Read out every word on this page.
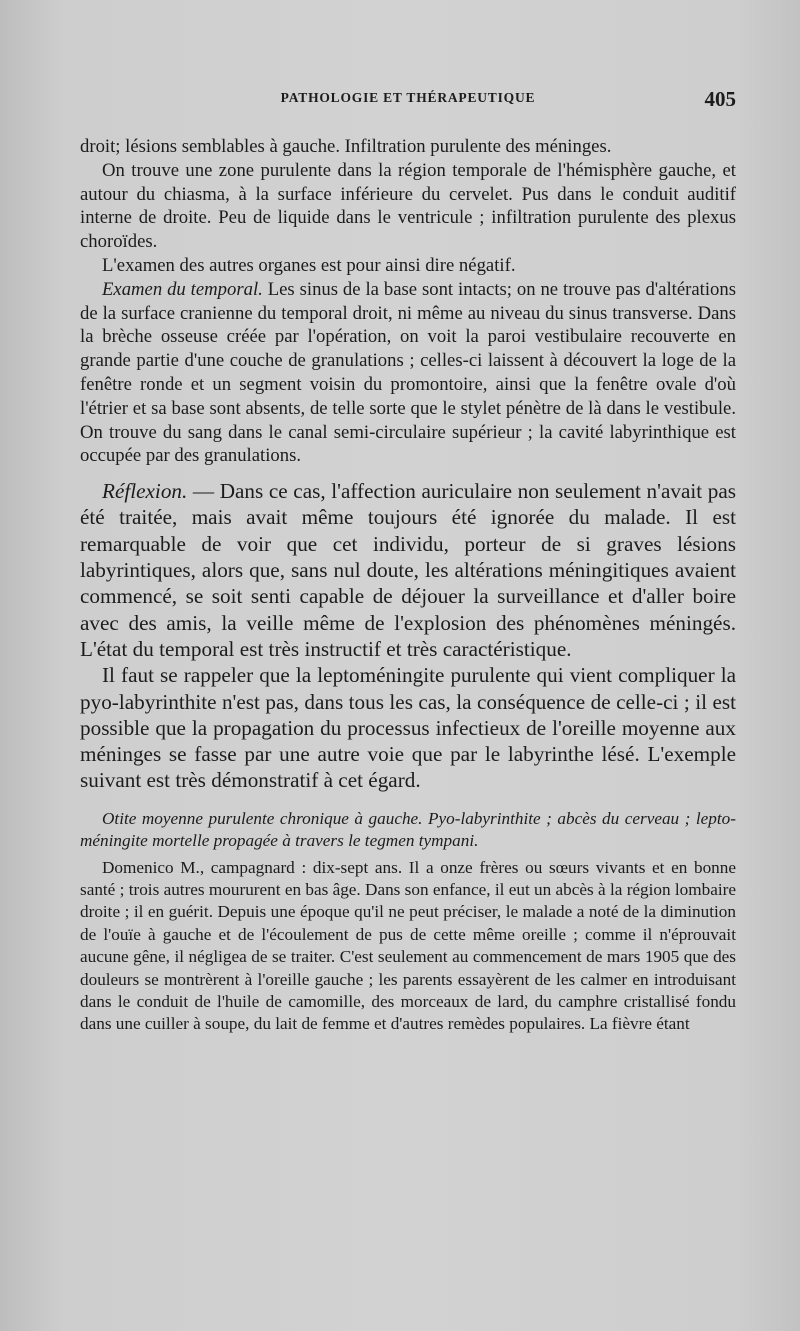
PATHOLOGIE ET THÉRAPEUTIQUE	405

droit; lésions semblables à gauche. Infiltration purulente des méninges.

On trouve une zone purulente dans la région temporale de l'hémisphère gauche, et autour du chiasma, à la surface inférieure du cervelet. Pus dans le conduit auditif interne de droite. Peu de liquide dans le ventricule ; infiltration purulente des plexus choroïdes.

L'examen des autres organes est pour ainsi dire négatif.

Examen du temporal. Les sinus de la base sont intacts; on ne trouve pas d'altérations de la surface cranienne du temporal droit, ni même au niveau du sinus transverse. Dans la brèche osseuse créée par l'opération, on voit la paroi vestibulaire recouverte en grande partie d'une couche de granulations ; celles-ci laissent à découvert la loge de la fenêtre ronde et un segment voisin du promontoire, ainsi que la fenêtre ovale d'où l'étrier et sa base sont absents, de telle sorte que le stylet pénètre de là dans le vestibule. On trouve du sang dans le canal semi-circulaire supérieur ; la cavité labyrinthique est occupée par des granulations.

Réflexion. — Dans ce cas, l'affection auriculaire non seulement n'avait pas été traitée, mais avait même toujours été ignorée du malade. Il est remarquable de voir que cet individu, porteur de si graves lésions labyrintiques, alors que, sans nul doute, les altérations méningitiques avaient commencé, se soit senti capable de déjouer la surveillance et d'aller boire avec des amis, la veille même de l'explosion des phénomènes méningés. L'état du temporal est très instructif et très caractéristique.

Il faut se rappeler que la leptoméningite purulente qui vient compliquer la pyo-labyrinthite n'est pas, dans tous les cas, la conséquence de celle-ci ; il est possible que la propagation du processus infectieux de l'oreille moyenne aux méninges se fasse par une autre voie que par le labyrinthe lésé. L'exemple suivant est très démonstratif à cet égard.

Otite moyenne purulente chronique à gauche. Pyo-labyrinthite ; abcès du cerveau ; lepto-méningite mortelle propagée à travers le tegmen tympani.

Domenico M., campagnard : dix-sept ans. Il a onze frères ou sœurs vivants et en bonne santé ; trois autres moururent en bas âge. Dans son enfance, il eut un abcès à la région lombaire droite ; il en guérit. Depuis une époque qu'il ne peut préciser, le malade a noté de la diminution de l'ouïe à gauche et de l'écoulement de pus de cette même oreille ; comme il n'éprouvait aucune gêne, il négligea de se traiter. C'est seulement au commencement de mars 1905 que des douleurs se montrèrent à l'oreille gauche ; les parents essayèrent de les calmer en introduisant dans le conduit de l'huile de camomille, des morceaux de lard, du camphre cristallisé fondu dans une cuiller à soupe, du lait de femme et d'autres remèdes populaires. La fièvre étant
